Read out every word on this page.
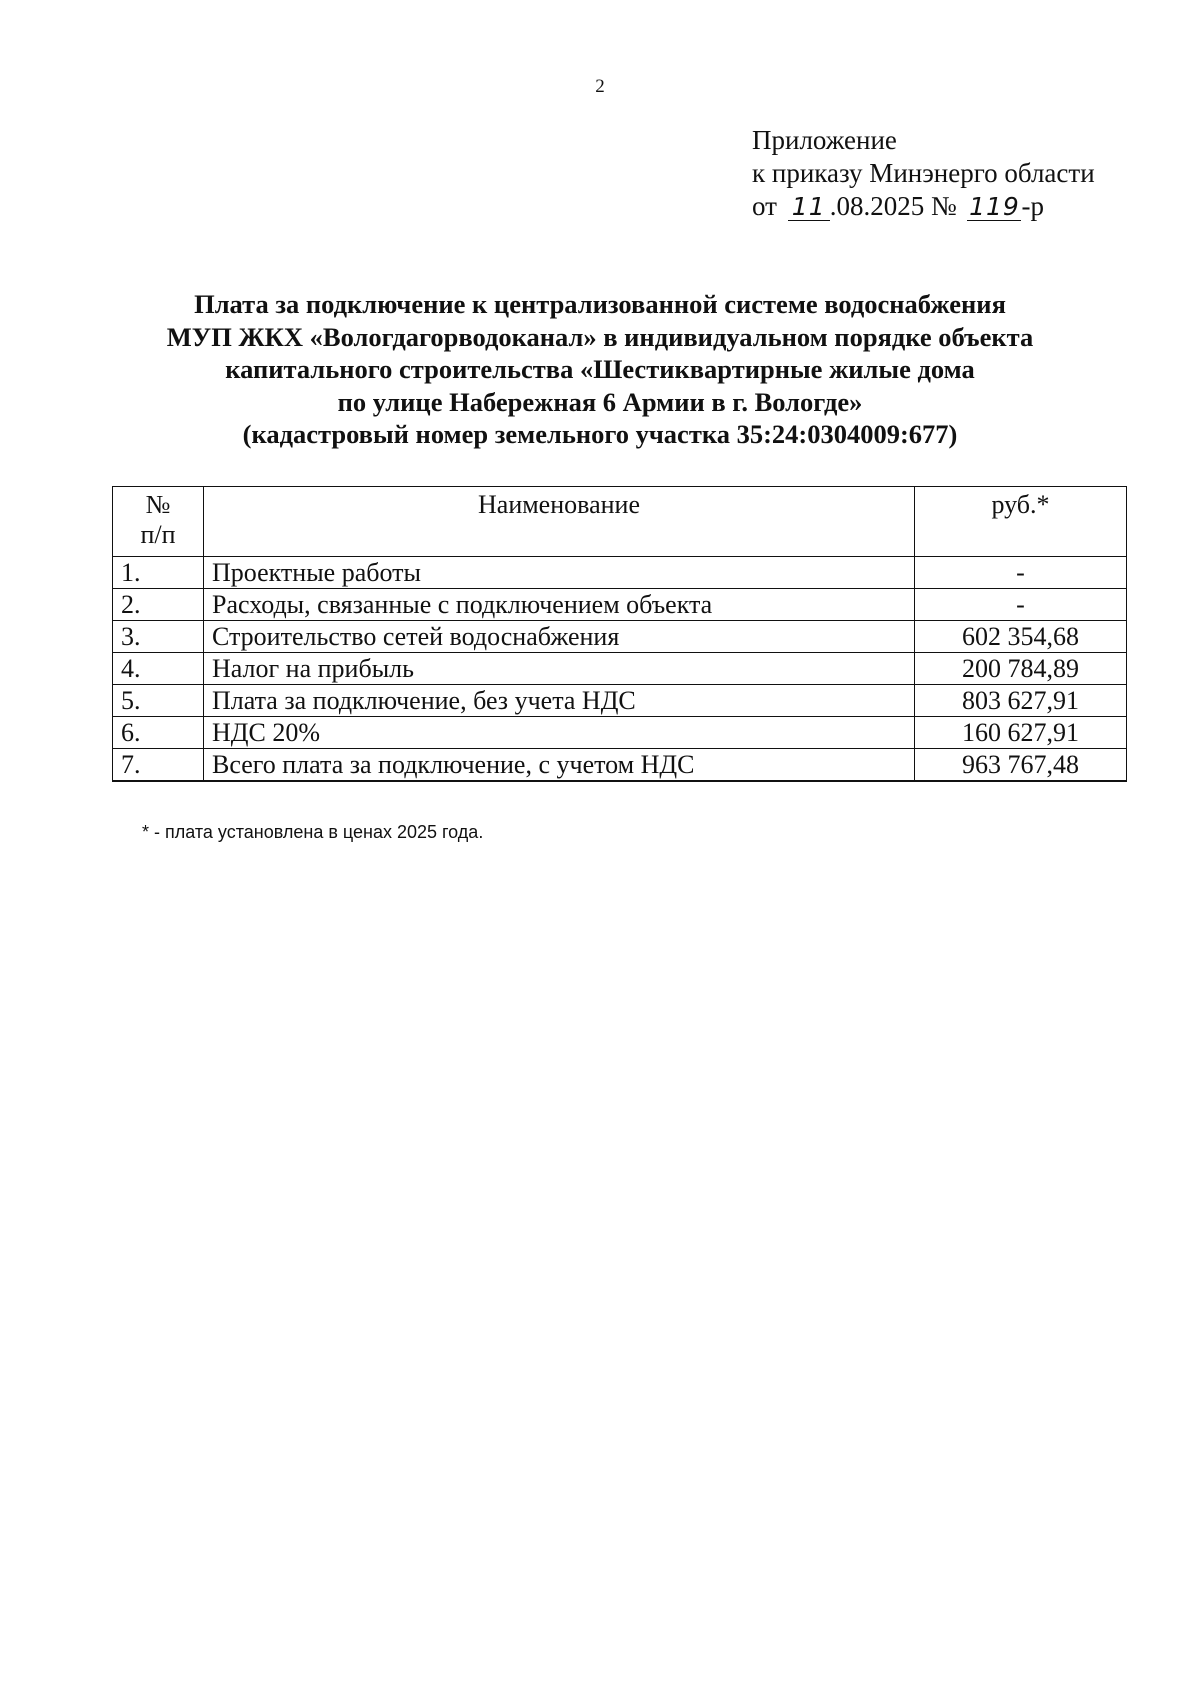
2
Приложение
к приказу Минэнерго области
от 11 .08.2025 № 119-р
Плата за подключение к централизованной системе водоснабжения
МУП ЖКХ «Вологдагорводоканал» в индивидуальном порядке объекта
капитального строительства «Шестиквартирные жилые дома
по улице Набережная 6 Армии в г. Вологде»
(кадастровый номер земельного участка 35:24:0304009:677)
№
п/п	Наименование	руб.*
1.	Проектные работы	-
2.	Расходы, связанные с подключением объекта	-
3.	Строительство сетей водоснабжения	602 354,68
4.	Налог на прибыль	200 784,89
5.	Плата за подключение, без учета НДС	803 627,91
6.	НДС 20%	160 627,91
7.	Всего плата за подключение, с учетом НДС	963 767,48
* - плата установлена в ценах 2025 года.
